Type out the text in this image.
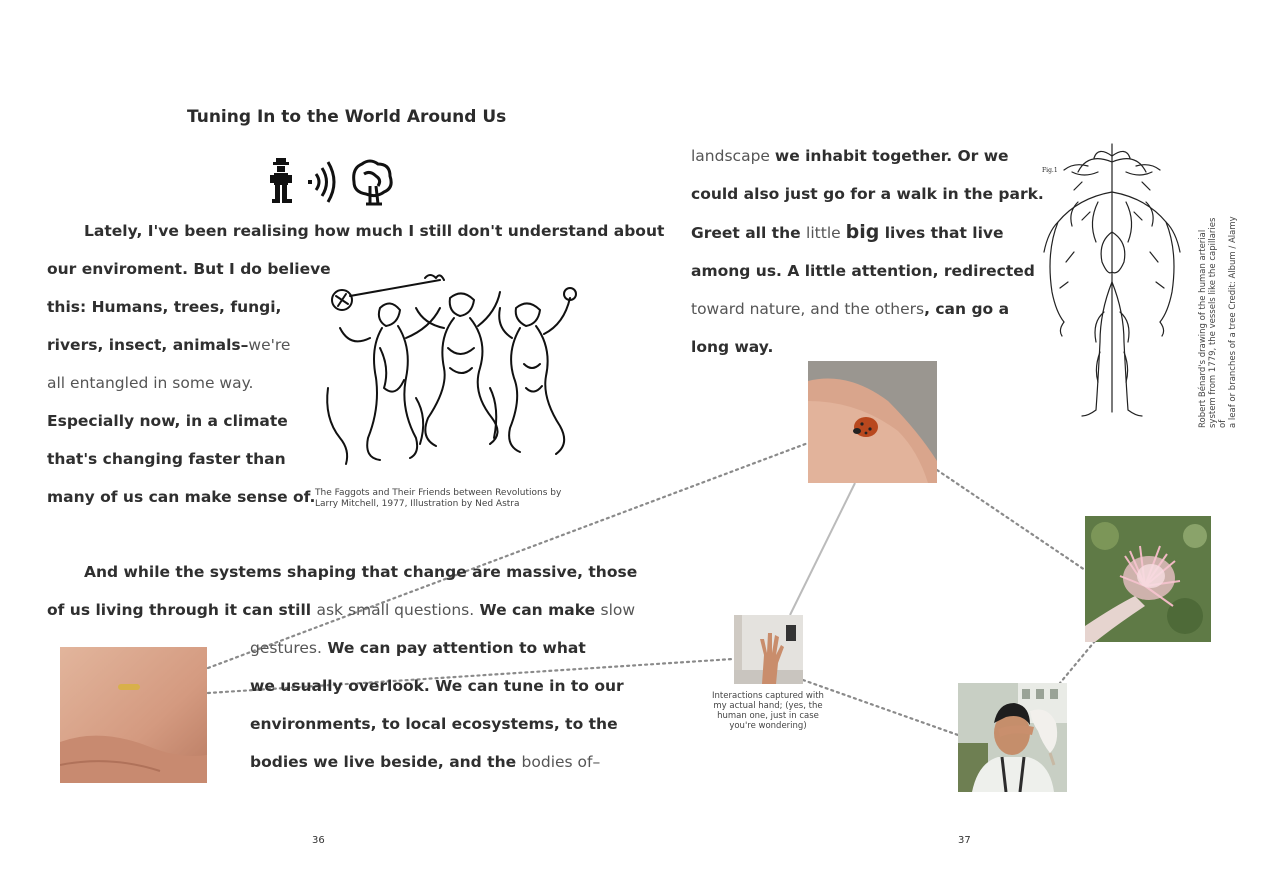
Tuning In to the World Around Us
Lately, I've been realising how much I still don't understand about
our enviroment. But I do believe
this: Humans, trees, fungi,
rivers, insect, animals–we're
all entangled in some way.
Especially now, in a climate
that's changing faster than
many of us can make sense of. The Faggots and Their Friends between Revolutions by
Larry Mitchell, 1977, Illustration by Ned Astra
And while the systems shaping that change are massive, those
of us living through it can still ask small questions. We can make slow
gestures. We can pay attention to what
we usually overlook. We can tune in to our
environments, to local ecosystems, to the
bodies we live beside, and the bodies of–
36
landscape we inhabit together. Or we
could also just go for a walk in the park.
Greet all the little big lives that live
among us. A little attention, redirected
toward nature, and the others, can go a
long way.
Fig.1
Robert Bénard's drawing of the human arterial system from 1779, the vessels like the capillaries of a leaf or branches of a tree Credit: Album / Alamy
Interactions captured with
my actual hand; (yes, the
human one, just in case
you're wondering)
37
